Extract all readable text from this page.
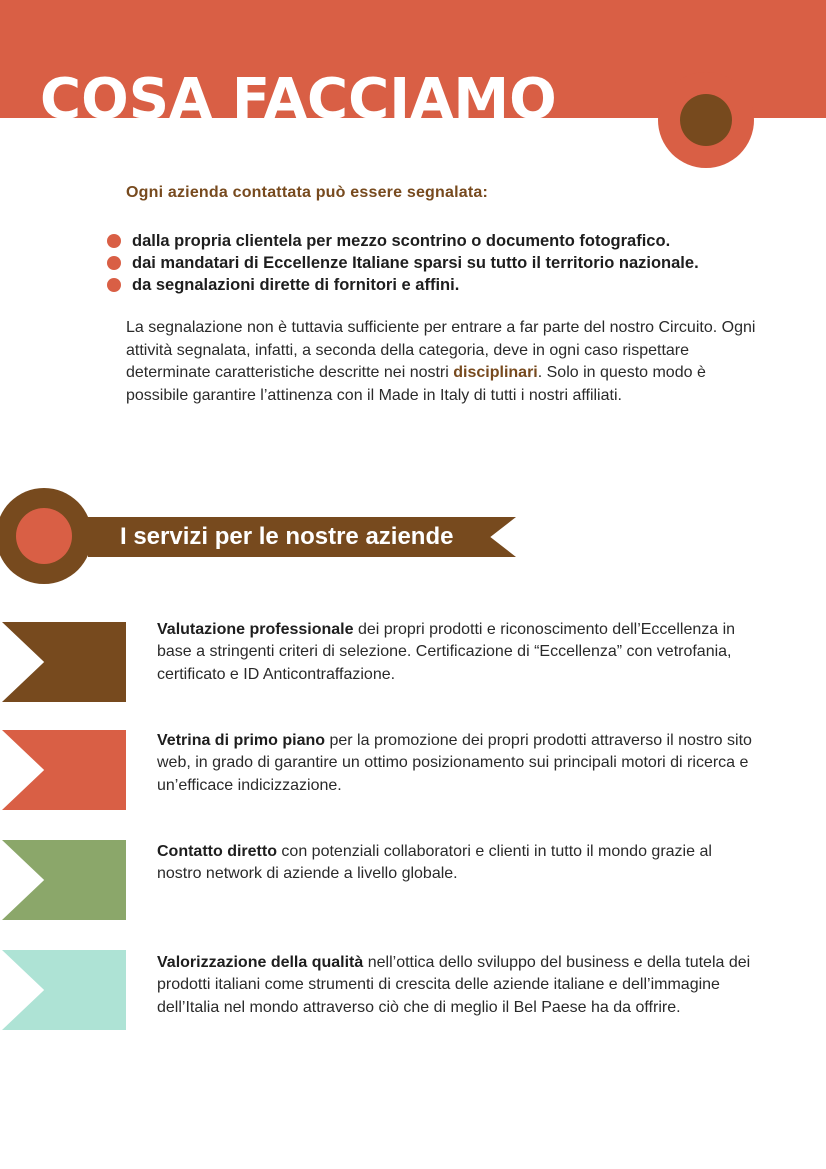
COSA FACCIAMO

Ogni azienda contattata può essere segnalata:

dalla propria clientela per mezzo scontrino o documento fotografico.
dai mandatari di Eccellenze Italiane sparsi su tutto il territorio nazionale.
da segnalazioni dirette di fornitori e affini.

La segnalazione non è tuttavia sufficiente per entrare a far parte del nostro Circuito. Ogni attività segnalata, infatti, a seconda della categoria, deve in ogni caso rispettare determinate caratteristiche descritte nei nostri disciplinari. Solo in questo modo è possibile garantire l’attinenza con il Made in Italy di tutti i nostri affiliati.

I servizi per le nostre aziende

Valutazione professionale dei propri prodotti e riconoscimento dell’Eccellenza in base a stringenti criteri di selezione. Certificazione di “Eccellenza” con vetrofania, certificato e ID Anticontraffazione.

Vetrina di primo piano per la promozione dei propri prodotti attraverso il nostro sito web, in grado di garantire un ottimo posizionamento sui principali motori di ricerca e un’efficace indicizzazione.

Contatto diretto con potenziali collaboratori e clienti in tutto il mondo grazie al nostro network di aziende a livello globale.

Valorizzazione della qualità nell’ottica dello sviluppo del business e della tutela dei prodotti italiani come strumenti di crescita delle aziende italiane e dell’immagine dell’Italia nel mondo attraverso ciò che di meglio il Bel Paese ha da offrire.
